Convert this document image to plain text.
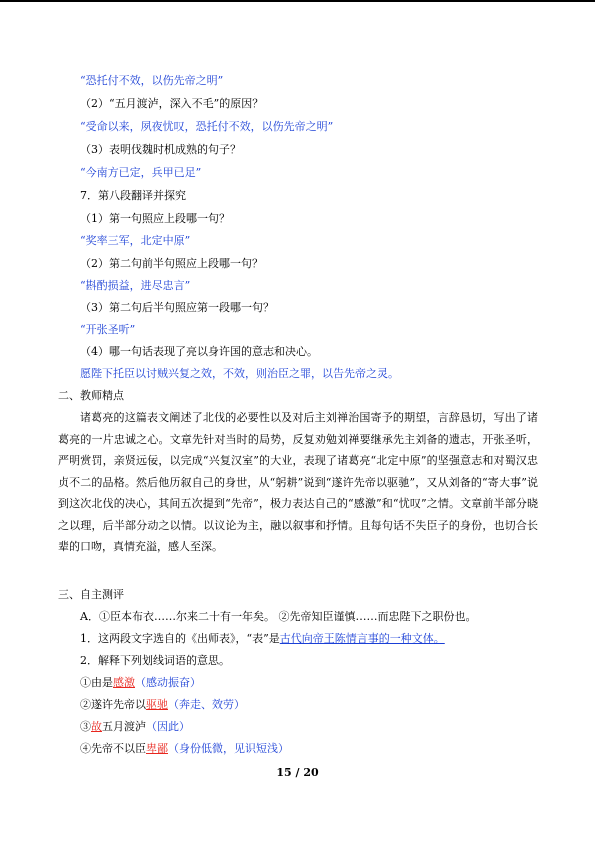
“恐托付不效，以伤先帝之明”
（2）“五月渡泸，深入不毛”的原因？
“受命以来，夙夜忧叹，恐托付不效，以伤先帝之明”
（3）表明伐魏时机成熟的句子？
“今南方已定，兵甲已足”
7．第八段翻译并探究
（1）第一句照应上段哪一句？
“奖率三军，北定中原”
（2）第二句前半句照应上段哪一句？
“斟酌损益，进尽忠言”
（3）第二句后半句照应第一段哪一句？
“开张圣听”
（4）哪一句话表现了亮以身许国的意志和决心。
愿陛下托臣以讨贼兴复之效，不效，则治臣之罪，以告先帝之灵。
二、教师精点
诸葛亮的这篇表文阐述了北伐的必要性以及对后主刘禅治国寄予的期望，言辞恳切，写出了诸葛亮的一片忠诚之心。文章先针对当时的局势，反复劝勉刘禅要继承先主刘备的遗志，开张圣听，严明赏罚，亲贤远佞，以完成“兴复汉室”的大业，表现了诸葛亮“北定中原”的坚强意志和对蜀汉忠贞不二的品格。然后他历叙自己的身世，从“躬耕”说到“遂许先帝以驱驰”，又从刘备的“寄大事”说到这次北伐的决心，其间五次提到“先帝”，极力表达自己的“感激”和“忧叹”之情。文章前半部分晓之以理，后半部分动之以情。以议论为主，融以叙事和抒情。且每句话不失臣子的身份，也切合长辈的口吻，真情充溢，感人至深。
三、自主测评
A．①臣本布衣……尔来二十有一年矣。 ②先帝知臣谨慎……而忠陛下之职份也。
1．这两段文字选自的《出师表》，“表”是古代向帝王陈情言事的一种文体。
2．解释下列划线词语的意思。
①由是感激（感动振奋）
②遂许先帝以驱驰（奔走、效劳）
③故五月渡泸（因此）
④先帝不以臣卑鄙（身份低微，见识短浅）
15 / 20
